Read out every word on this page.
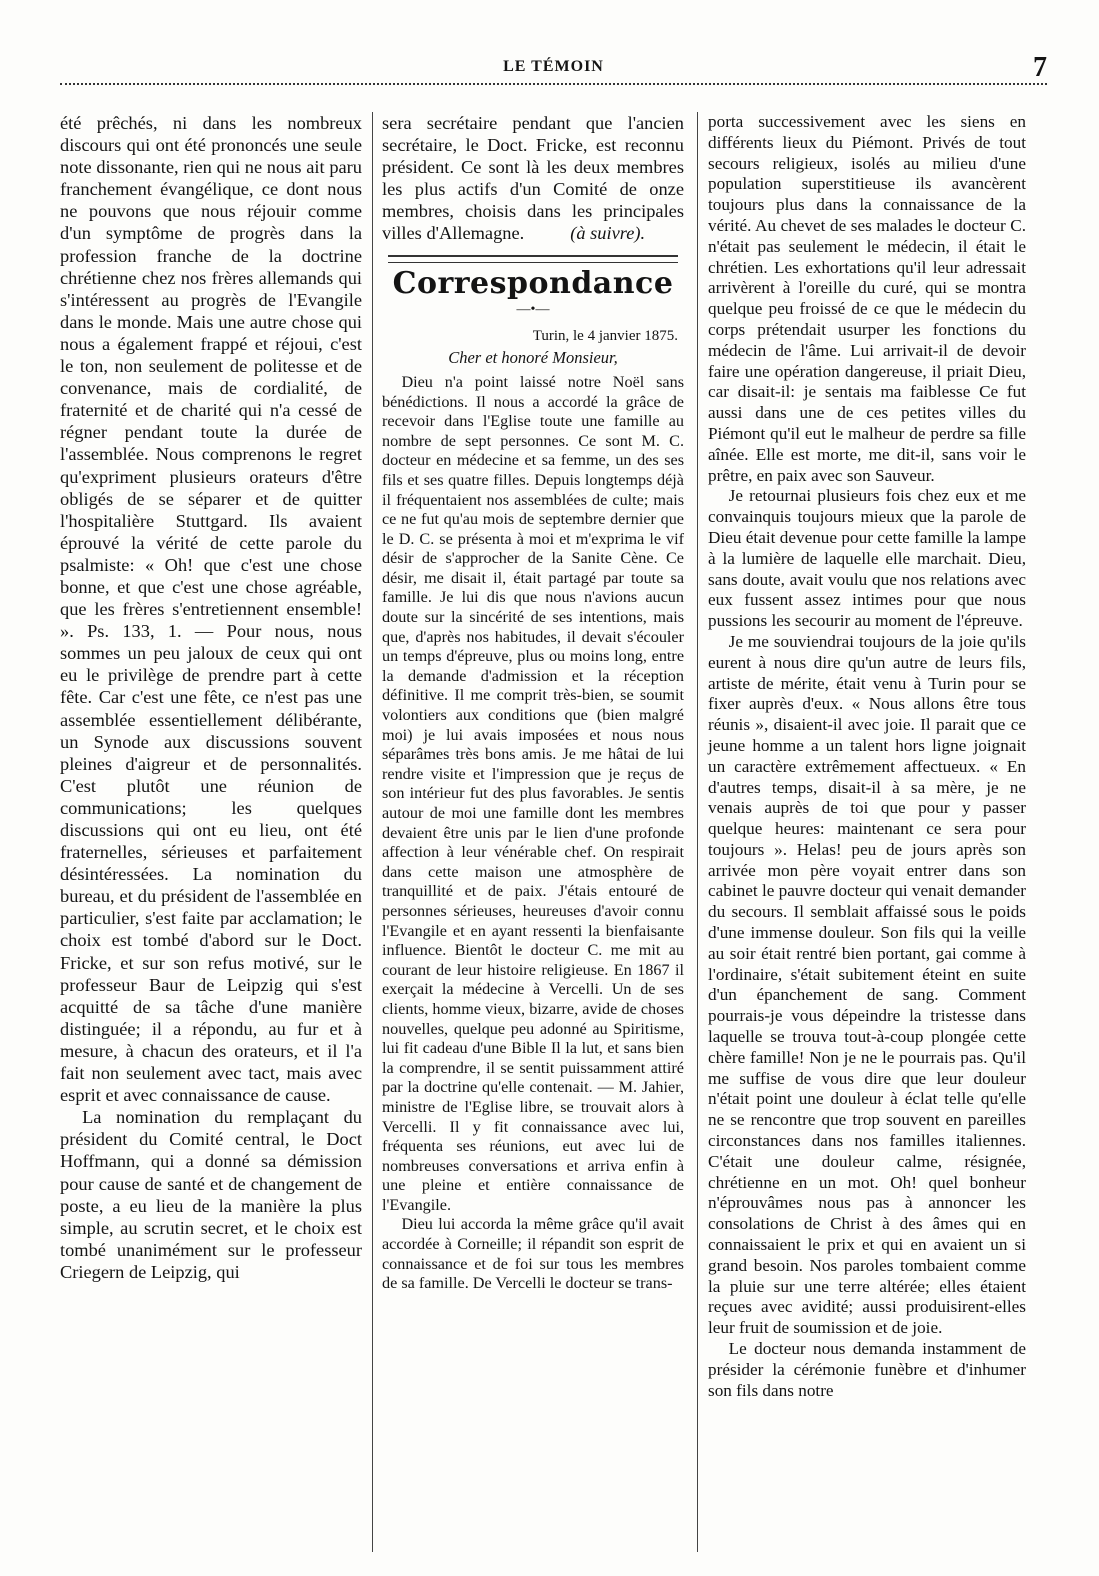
LE TÉMOIN	7

été prêchés, ni dans les nombreux discours qui ont été prononcés une seule note dissonante, rien qui ne nous ait paru franchement évangélique, ce dont nous ne pouvons que nous réjouir comme d'un symptôme de progrès dans la profession franche de la doctrine chrétienne chez nos frères allemands qui s'intéressent au progrès de l'Evangile dans le monde. Mais une autre chose qui nous a également frappé et réjoui, c'est le ton, non seulement de politesse et de convenance, mais de cordialité, de fraternité et de charité qui n'a cessé de régner pendant toute la durée de l'assemblée. Nous comprenons le regret qu'expriment plusieurs orateurs d'être obligés de se séparer et de quitter l'hospitalière Stuttgard. Ils avaient éprouvé la vérité de cette parole du psalmiste: « Oh! que c'est une chose bonne, et que c'est une chose agréable, que les frères s'entretiennent ensemble! ». Ps. 133, 1. — Pour nous, nous sommes un peu jaloux de ceux qui ont eu le privilège de prendre part à cette fête. Car c'est une fête, ce n'est pas une assemblée essentiellement délibérante, un Synode aux discussions souvent pleines d'aigreur et de personnalités. C'est plutôt une réunion de communications; les quelques discussions qui ont eu lieu, ont été fraternelles, sérieuses et parfaitement désintéressées. La nomination du bureau, et du président de l'assemblée en particulier, s'est faite par acclamation; le choix est tombé d'abord sur le Doct. Fricke, et sur son refus motivé, sur le professeur Baur de Leipzig qui s'est acquitté de sa tâche d'une manière distinguée; il a répondu, au fur et à mesure, à chacun des orateurs, et il l'a fait non seulement avec tact, mais avec esprit et avec connaissance de cause.

La nomination du remplaçant du président du Comité central, le Doct Hoffmann, qui a donné sa démission pour cause de santé et de changement de poste, a eu lieu de la manière la plus simple, au scrutin secret, et le choix est tombé unanimément sur le professeur Criegern de Leipzig, qui

sera secrétaire pendant que l'ancien secrétaire, le Doct. Fricke, est reconnu président. Ce sont là les deux membres les plus actifs d'un Comité de onze membres, choisis dans les principales villes d'Allemagne.	(à suivre).

Correspondance
—•—
Turin, le 4 janvier 1875.
Cher et honoré Monsieur,

Dieu n'a point laissé notre Noël sans bénédictions. Il nous a accordé la grâce de recevoir dans l'Eglise toute une famille au nombre de sept personnes. Ce sont M. C. docteur en médecine et sa femme, un des ses fils et ses quatre filles. Depuis longtemps déjà il fréquentaient nos assemblées de culte; mais ce ne fut qu'au mois de septembre dernier que le D. C. se présenta à moi et m'exprima le vif désir de s'approcher de la Sanite Cène. Ce désir, me disait il, était partagé par toute sa famille. Je lui dis que nous n'avions aucun doute sur la sincérité de ses intentions, mais que, d'après nos habitudes, il devait s'écouler un temps d'épreuve, plus ou moins long, entre la demande d'admission et la réception définitive. Il me comprit très-bien, se soumit volontiers aux conditions que (bien malgré moi) je lui avais imposées et nous nous séparâmes très bons amis. Je me hâtai de lui rendre visite et l'impression que je reçus de son intérieur fut des plus favorables. Je sentis autour de moi une famille dont les membres devaient être unis par le lien d'une profonde affection à leur vénérable chef. On respirait dans cette maison une atmosphère de tranquillité et de paix. J'étais entouré de personnes sérieuses, heureuses d'avoir connu l'Evangile et en ayant ressenti la bienfaisante influence. Bientôt le docteur C. me mit au courant de leur histoire religieuse. En 1867 il exerçait la médecine à Vercelli. Un de ses clients, homme vieux, bizarre, avide de choses nouvelles, quelque peu adonné au Spiritisme, lui fit cadeau d'une Bible Il la lut, et sans bien la comprendre, il se sentit puissamment attiré par la doctrine qu'elle contenait. — M. Jahier, ministre de l'Eglise libre, se trouvait alors à Vercelli. Il y fit connaissance avec lui, fréquenta ses réunions, eut avec lui de nombreuses conversations et arriva enfin à une pleine et entière connaissance de l'Evangile.

Dieu lui accorda la même grâce qu'il avait accordée à Corneille; il répandit son esprit de connaissance et de foi sur tous les membres de sa famille. De Vercelli le docteur se trans-

porta successivement avec les siens en différents lieux du Piémont. Privés de tout secours religieux, isolés au milieu d'une population superstitieuse ils avancèrent toujours plus dans la connaissance de la vérité. Au chevet de ses malades le docteur C. n'était pas seulement le médecin, il était le chrétien. Les exhortations qu'il leur adressait arrivèrent à l'oreille du curé, qui se montra quelque peu froissé de ce que le médecin du corps prétendait usurper les fonctions du médecin de l'âme. Lui arrivait-il de devoir faire une opération dangereuse, il priait Dieu, car disait-il: je sentais ma faiblesse Ce fut aussi dans une de ces petites villes du Piémont qu'il eut le malheur de perdre sa fille aînée. Elle est morte, me dit-il, sans voir le prêtre, en paix avec son Sauveur.

Je retournai plusieurs fois chez eux et me convainquis toujours mieux que la parole de Dieu était devenue pour cette famille la lampe à la lumière de laquelle elle marchait. Dieu, sans doute, avait voulu que nos relations avec eux fussent assez intimes pour que nous pussions les secourir au moment de l'épreuve.

Je me souviendrai toujours de la joie qu'ils eurent à nous dire qu'un autre de leurs fils, artiste de mérite, était venu à Turin pour se fixer auprès d'eux. « Nous allons être tous réunis », disaient-il avec joie. Il parait que ce jeune homme a un talent hors ligne joignait un caractère extrêmement affectueux. « En d'autres temps, disait-il à sa mère, je ne venais auprès de toi que pour y passer quelque heures: maintenant ce sera pour toujours ». Helas! peu de jours après son arrivée mon père voyait entrer dans son cabinet le pauvre docteur qui venait demander du secours. Il semblait affaissé sous le poids d'une immense douleur. Son fils qui la veille au soir était rentré bien portant, gai comme à l'ordinaire, s'était subitement éteint en suite d'un épanchement de sang. Comment pourrais-je vous dépeindre la tristesse dans laquelle se trouva tout-à-coup plongée cette chère famille! Non je ne le pourrais pas. Qu'il me suffise de vous dire que leur douleur n'était point une douleur à éclat telle qu'elle ne se rencontre que trop souvent en pareilles circonstances dans nos familles italiennes. C'était une douleur calme, résignée, chrétienne en un mot. Oh! quel bonheur n'éprouvâmes nous pas à annoncer les consolations de Christ à des âmes qui en connaissaient le prix et qui en avaient un si grand besoin. Nos paroles tombaient comme la pluie sur une terre altérée; elles étaient reçues avec avidité; aussi produisirent-elles leur fruit de soumission et de joie.

Le docteur nous demanda instamment de présider la cérémonie funèbre et d'inhumer son fils dans notre
